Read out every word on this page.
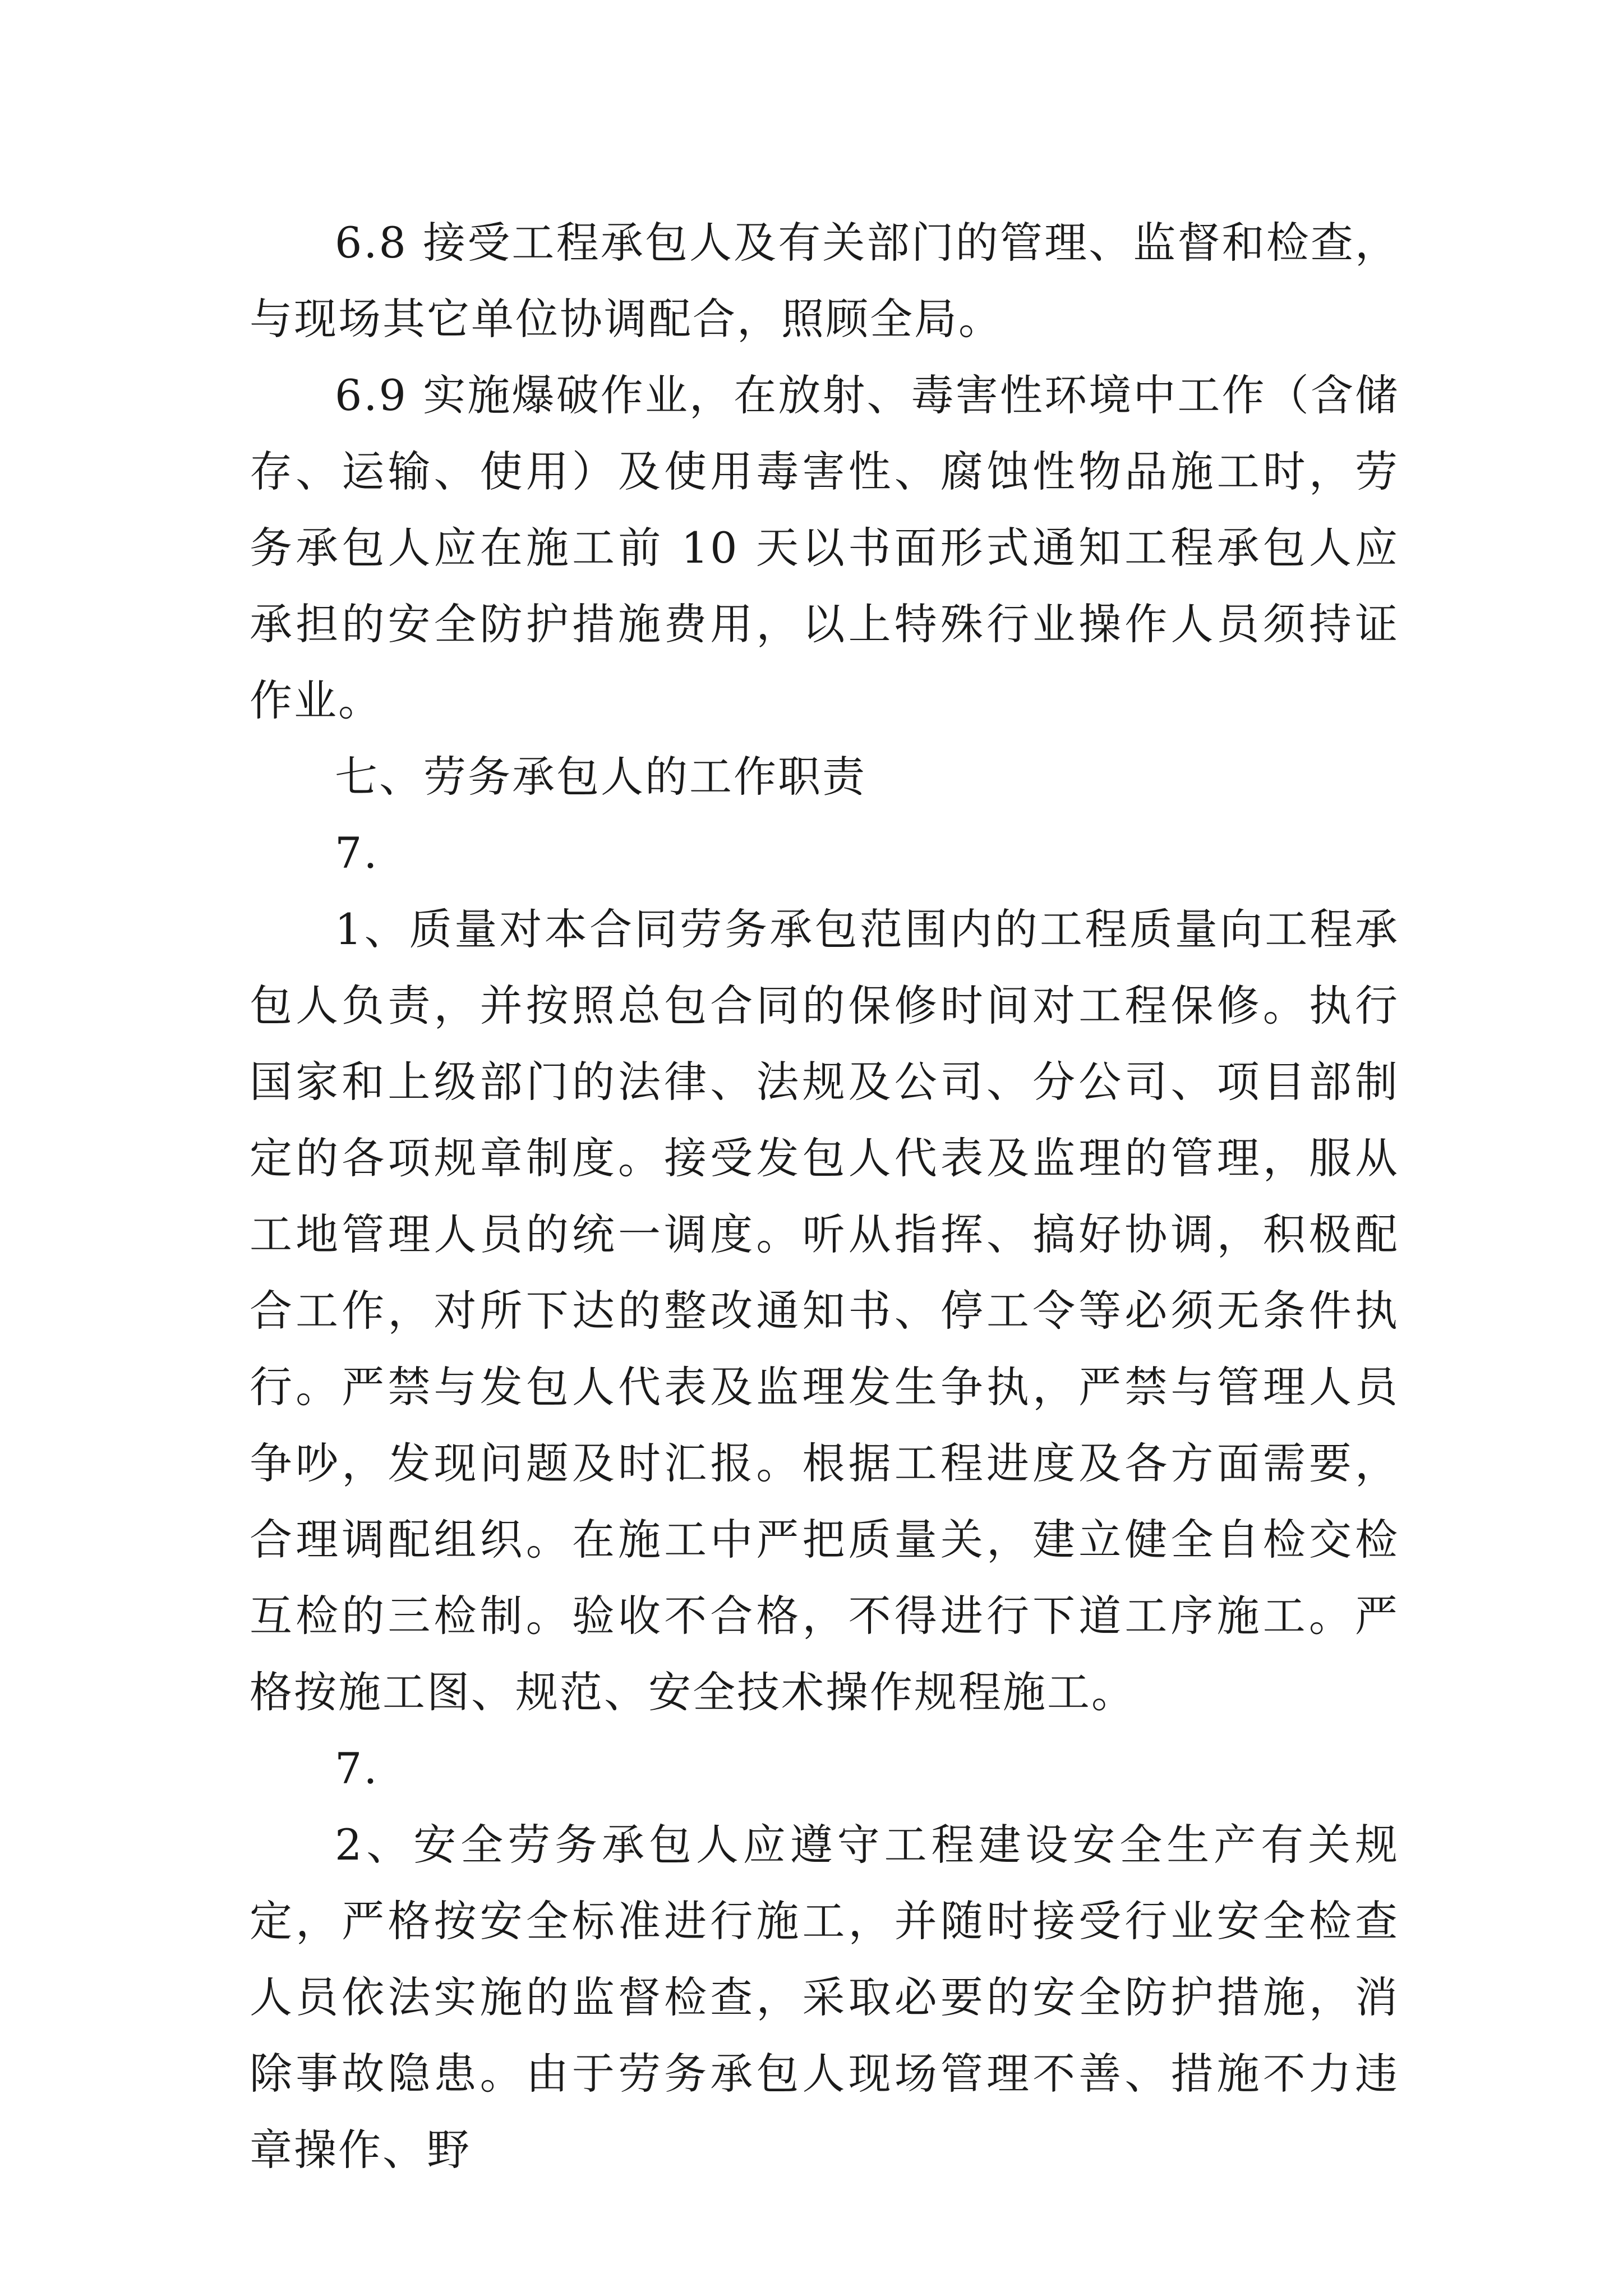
6.8 接受工程承包人及有关部门的管理、监督和检查，与现场其它单位协调配合，照顾全局。

6.9 实施爆破作业，在放射、毒害性环境中工作（含储存、运输、使用）及使用毒害性、腐蚀性物品施工时，劳务承包人应在施工前 10 天以书面形式通知工程承包人应承担的安全防护措施费用，以上特殊行业操作人员须持证作业。

七、劳务承包人的工作职责

7.

1、质量对本合同劳务承包范围内的工程质量向工程承包人负责，并按照总包合同的保修时间对工程保修。执行国家和上级部门的法律、法规及公司、分公司、项目部制定的各项规章制度。接受发包人代表及监理的管理，服从工地管理人员的统一调度。听从指挥、搞好协调，积极配合工作，对所下达的整改通知书、停工令等必须无条件执行。严禁与发包人代表及监理发生争执，严禁与管理人员争吵，发现问题及时汇报。根据工程进度及各方面需要，合理调配组织。在施工中严把质量关，建立健全自检交检互检的三检制。验收不合格，不得进行下道工序施工。严格按施工图、规范、安全技术操作规程施工。

7.

2、安全劳务承包人应遵守工程建设安全生产有关规定，严格按安全标准进行施工，并随时接受行业安全检查人员依法实施的监督检查，采取必要的安全防护措施，消除事故隐患。由于劳务承包人现场管理不善、措施不力违章操作、野
